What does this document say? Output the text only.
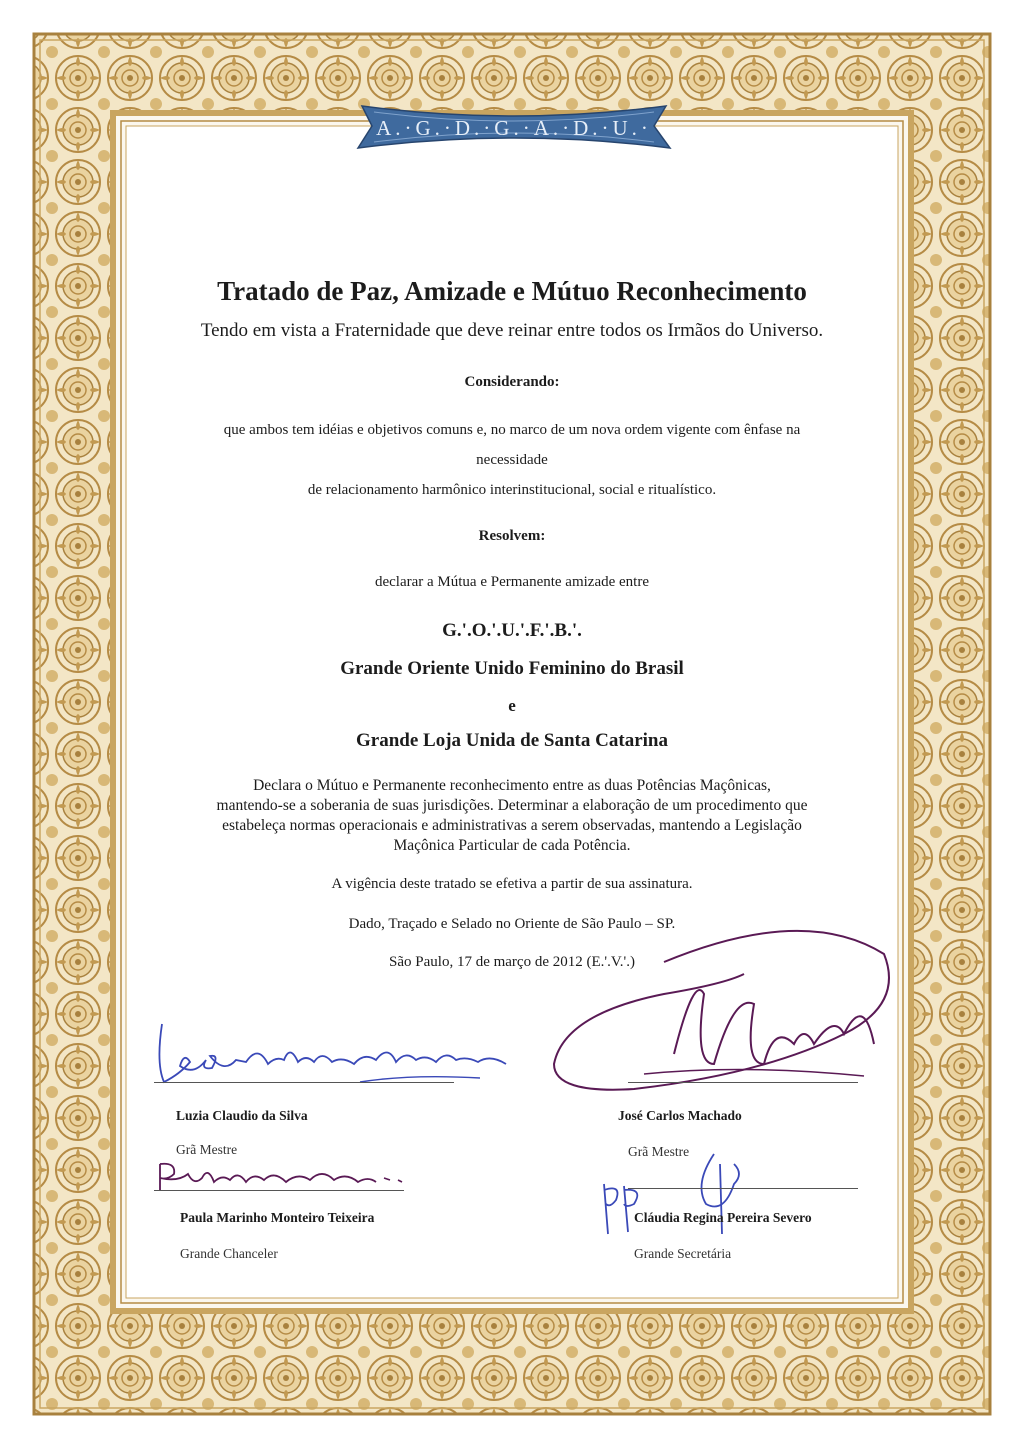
A.·G.·D.·G.·A.·D.·U.·
Tratado de Paz, Amizade e Mútuo Reconhecimento
Tendo em vista a Fraternidade que deve reinar entre todos os Irmãos do Universo.
Considerando:
que ambos tem idéias e objetivos comuns e, no marco de um nova ordem vigente com ênfase na
necessidade
de relacionamento harmônico interinstitucional, social e ritualístico.
Resolvem:
declarar a Mútua e Permanente amizade entre
G.'.O.'.U.'.F.'.B.'.
Grande Oriente Unido Feminino do Brasil
e
Grande Loja Unida de Santa Catarina
Declara o Mútuo e Permanente reconhecimento entre as duas Potências Maçônicas,
mantendo-se a soberania de suas jurisdições. Determinar a elaboração de um procedimento que
estabeleça normas operacionais e administrativas a serem observadas, mantendo a Legislação
Maçônica Particular de cada Potência.
A vigência deste tratado se efetiva a partir de sua assinatura.
Dado, Traçado e Selado no Oriente de São Paulo – SP.
São Paulo, 17 de março de 2012 (E.'.V.'.)
Luzia Claudio da Silva
Grã Mestre
José Carlos Machado
Grã Mestre
Paula Marinho Monteiro Teixeira
Grande Chanceler
Cláudia Regina Pereira Severo
Grande Secretária
